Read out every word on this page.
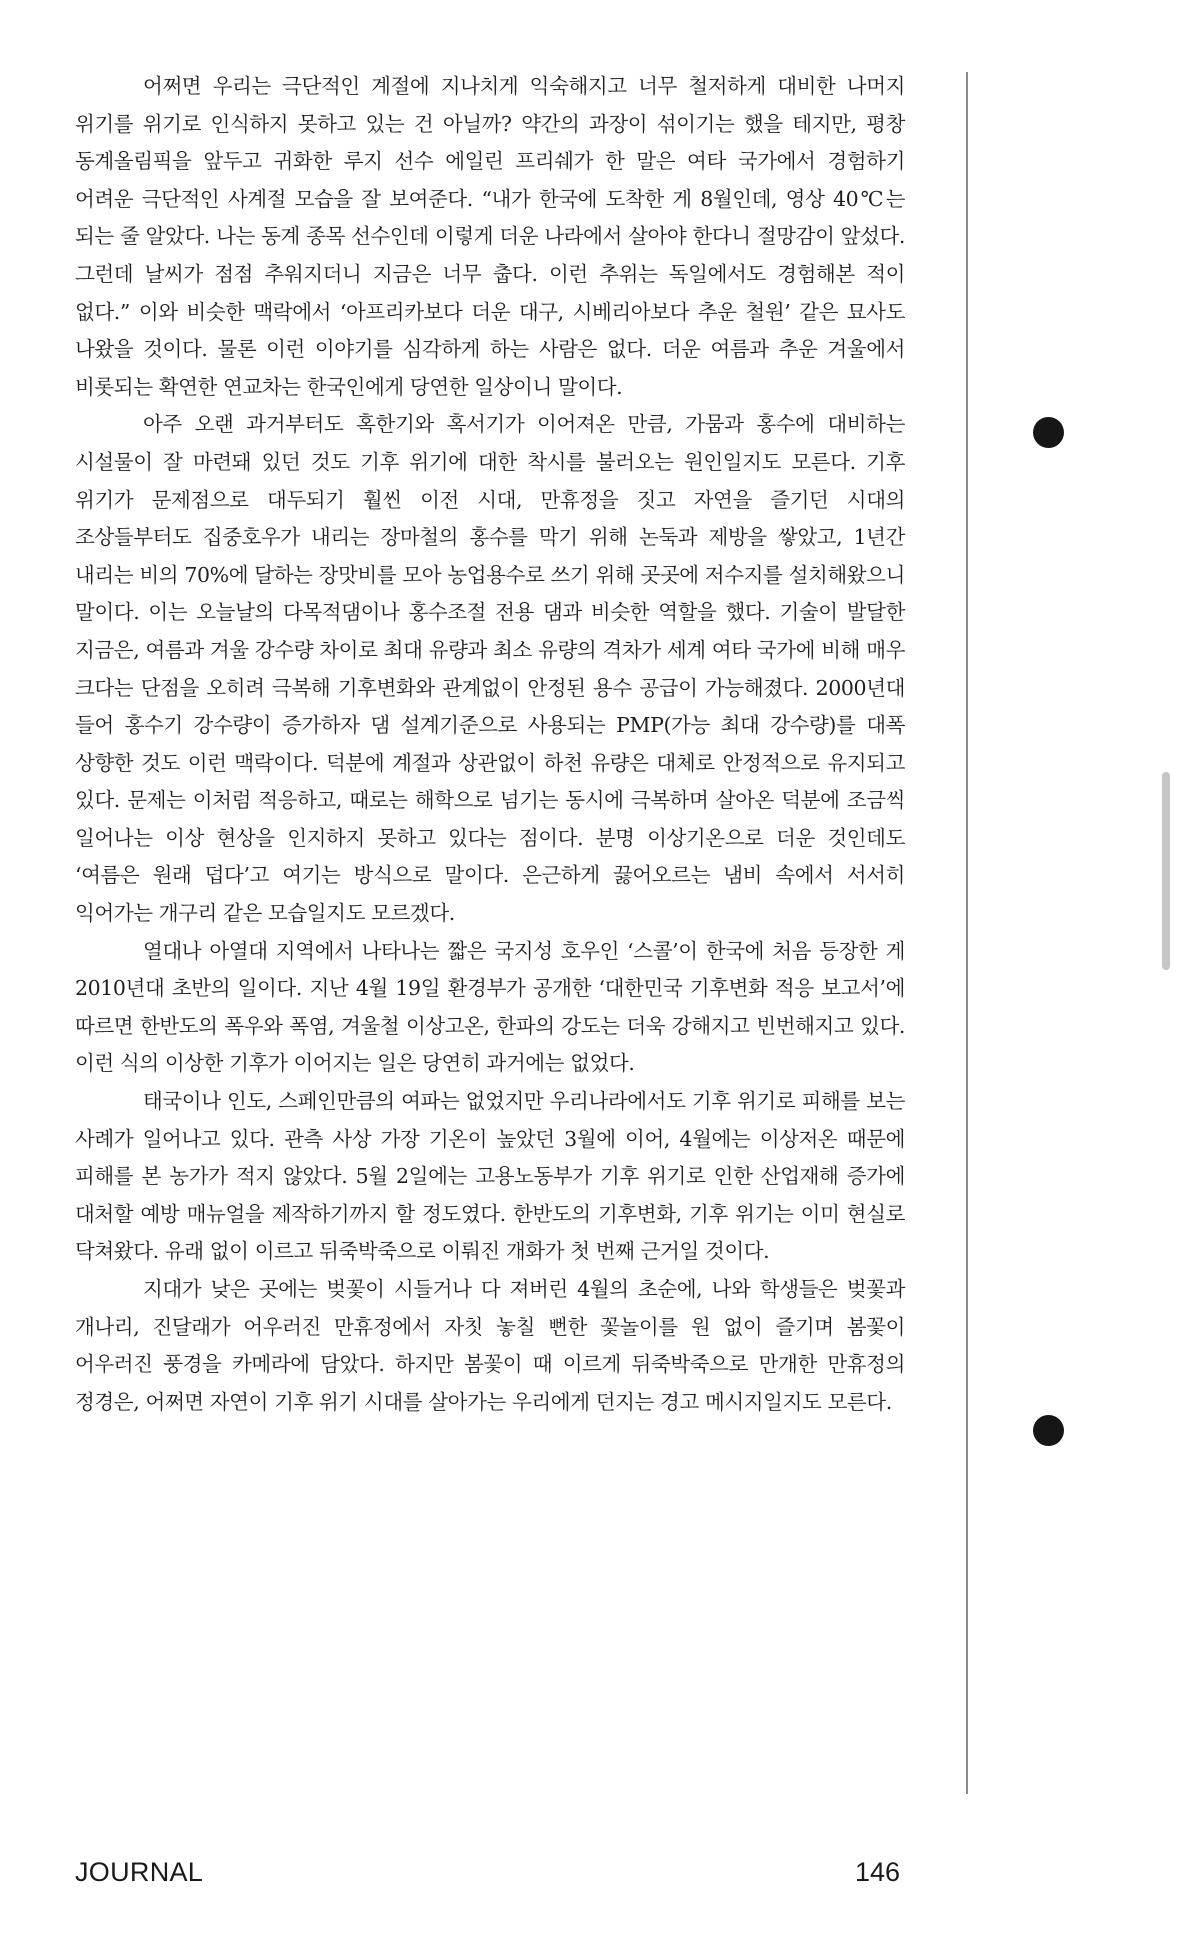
어쩌면 우리는 극단적인 계절에 지나치게 익숙해지고 너무 철저하게 대비한 나머지 위기를 위기로 인식하지 못하고 있는 건 아닐까? 약간의 과장이 섞이기는 했을 테지만, 평창 동계올림픽을 앞두고 귀화한 루지 선수 에일린 프리쉐가 한 말은 여타 국가에서 경험하기 어려운 극단적인 사계절 모습을 잘 보여준다. “내가 한국에 도착한 게 8월인데, 영상 40℃는 되는 줄 알았다. 나는 동계 종목 선수인데 이렇게 더운 나라에서 살아야 한다니 절망감이 앞섰다. 그런데 날씨가 점점 추워지더니 지금은 너무 춥다. 이런 추위는 독일에서도 경험해본 적이 없다.” 이와 비슷한 맥락에서 ‘아프리카보다 더운 대구, 시베리아보다 추운 철원’ 같은 묘사도 나왔을 것이다. 물론 이런 이야기를 심각하게 하는 사람은 없다. 더운 여름과 추운 겨울에서 비롯되는 확연한 연교차는 한국인에게 당연한 일상이니 말이다.

아주 오랜 과거부터도 혹한기와 혹서기가 이어져온 만큼, 가뭄과 홍수에 대비하는 시설물이 잘 마련돼 있던 것도 기후 위기에 대한 착시를 불러오는 원인일지도 모른다. 기후 위기가 문제점으로 대두되기 훨씬 이전 시대, 만휴정을 짓고 자연을 즐기던 시대의 조상들부터도 집중호우가 내리는 장마철의 홍수를 막기 위해 논둑과 제방을 쌓았고, 1년간 내리는 비의 70%에 달하는 장맛비를 모아 농업용수로 쓰기 위해 곳곳에 저수지를 설치해왔으니 말이다. 이는 오늘날의 다목적댐이나 홍수조절 전용 댐과 비슷한 역할을 했다. 기술이 발달한 지금은, 여름과 겨울 강수량 차이로 최대 유량과 최소 유량의 격차가 세계 여타 국가에 비해 매우 크다는 단점을 오히려 극복해 기후변화와 관계없이 안정된 용수 공급이 가능해졌다. 2000년대 들어 홍수기 강수량이 증가하자 댐 설계기준으로 사용되는 PMP(가능 최대 강수량)를 대폭 상향한 것도 이런 맥락이다. 덕분에 계절과 상관없이 하천 유량은 대체로 안정적으로 유지되고 있다. 문제는 이처럼 적응하고, 때로는 해학으로 넘기는 동시에 극복하며 살아온 덕분에 조금씩 일어나는 이상 현상을 인지하지 못하고 있다는 점이다. 분명 이상기온으로 더운 것인데도 ‘여름은 원래 덥다’고 여기는 방식으로 말이다. 은근하게 끓어오르는 냄비 속에서 서서히 익어가는 개구리 같은 모습일지도 모르겠다.

열대나 아열대 지역에서 나타나는 짧은 국지성 호우인 ‘스콜’이 한국에 처음 등장한 게 2010년대 초반의 일이다. 지난 4월 19일 환경부가 공개한 ‘대한민국 기후변화 적응 보고서’에 따르면 한반도의 폭우와 폭염, 겨울철 이상고온, 한파의 강도는 더욱 강해지고 빈번해지고 있다. 이런 식의 이상한 기후가 이어지는 일은 당연히 과거에는 없었다.

태국이나 인도, 스페인만큼의 여파는 없었지만 우리나라에서도 기후 위기로 피해를 보는 사례가 일어나고 있다. 관측 사상 가장 기온이 높았던 3월에 이어, 4월에는 이상저온 때문에 피해를 본 농가가 적지 않았다. 5월 2일에는 고용노동부가 기후 위기로 인한 산업재해 증가에 대처할 예방 매뉴얼을 제작하기까지 할 정도였다. 한반도의 기후변화, 기후 위기는 이미 현실로 닥쳐왔다. 유래 없이 이르고 뒤죽박죽으로 이뤄진 개화가 첫 번째 근거일 것이다.

지대가 낮은 곳에는 벚꽃이 시들거나 다 져버린 4월의 초순에, 나와 학생들은 벚꽃과 개나리, 진달래가 어우러진 만휴정에서 자칫 놓칠 뻔한 꽃놀이를 원 없이 즐기며 봄꽃이 어우러진 풍경을 카메라에 담았다. 하지만 봄꽃이 때 이르게 뒤죽박죽으로 만개한 만휴정의 정경은, 어쩌면 자연이 기후 위기 시대를 살아가는 우리에게 던지는 경고 메시지일지도 모른다.

JOURNAL	146
